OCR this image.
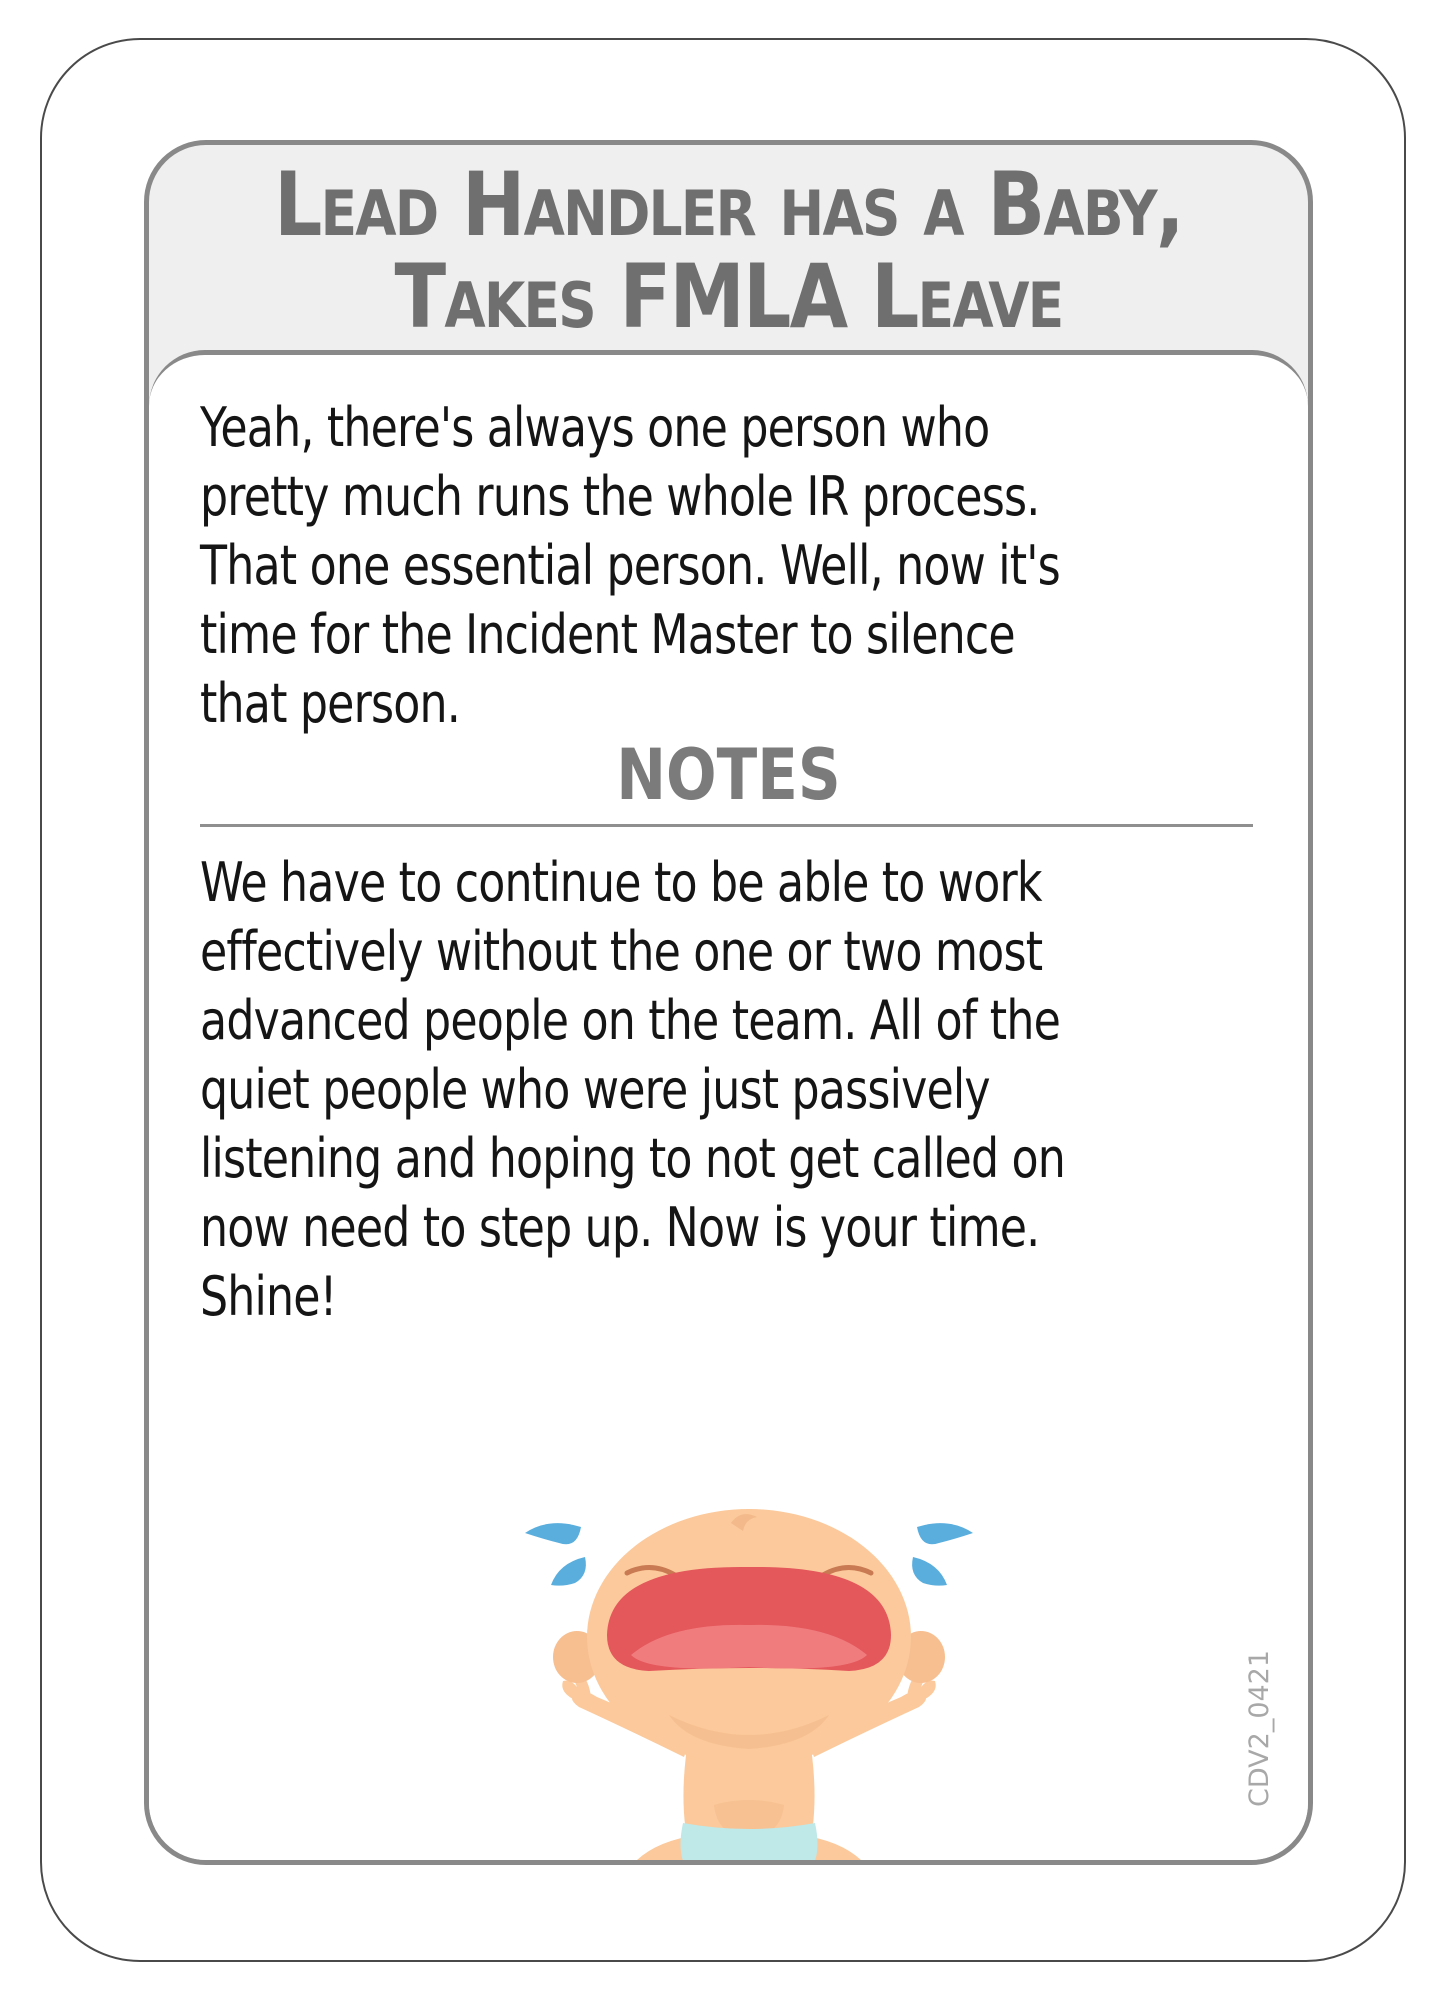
Lead Handler has a Baby,
Takes FMLA Leave

Yeah, there's always one person who pretty much runs the whole IR process. That one essential person. Well, now it's time for the Incident Master to silence that person.

NOTES

We have to continue to be able to work effectively without the one or two most advanced people on the team. All of the quiet people who were just passively listening and hoping to not get called on now need to step up. Now is your time. Shine!

CDV2_0421
